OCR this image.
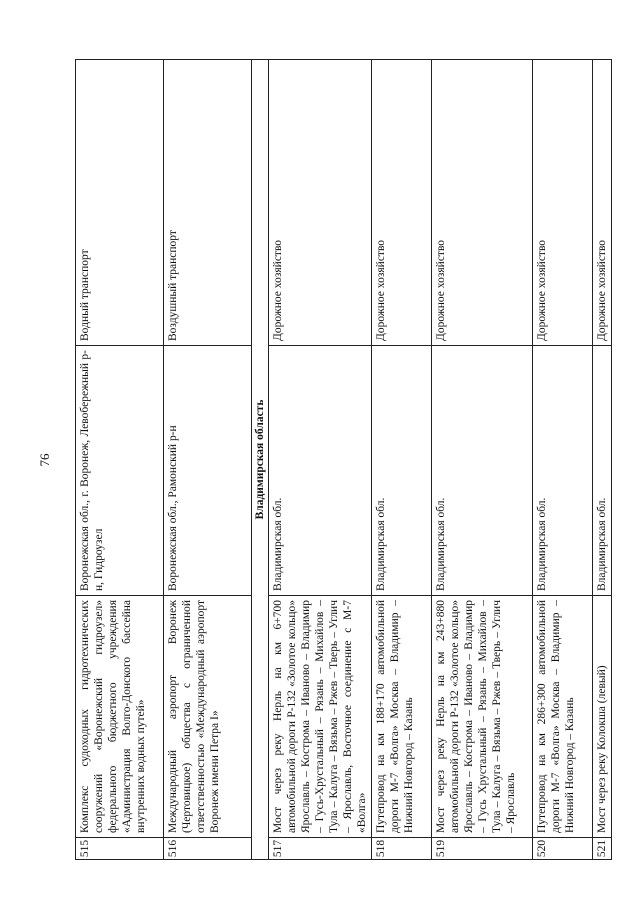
76
515	Комплекс судоходных гидротехнических сооружений «Воронежский гидроузел» федерального бюджетного учреждения «Администрация Волго-Донского бассейна внутренних водных путей»	Воронежская обл., г. Воронеж, Левобережный р-н, Гидроузел	Водный транспорт
516	Международный аэропорт Воронеж (Чертовицкое) общества с ограниченной ответственностью «Международный аэропорт Воронеж имени Петра I»	Воронежская обл., Рамонский р-н	Воздушный транспорт
Владимирская область			
517	Мост через реку Нерль на км 6+700 автомобильной дороги Р-132 «Золотое кольцо» Ярославль – Кострома – Иваново – Владимир – Гусь-Хрустальный – Рязань – Михайлов – Тула – Калуга – Вязьма – Ржев – Тверь – Углич – Ярославль, Восточное соединение с М-7 «Волга»	Владимирская обл.	Дорожное хозяйство
518	Путепровод на км 188+170 автомобильной дороги М-7 «Волга» Москва – Владимир – Нижний Новгород – Казань	Владимирская обл.	Дорожное хозяйство
519	Мост через реку Нерль на км 243+880 автомобильной дороги Р-132 «Золотое кольцо» Ярославль – Кострома – Иваново – Владимир – Гусь Хрустальный – Рязань – Михайлов – Тула – Калуга – Вязьма – Ржев – Тверь – Углич – Ярославль	Владимирская обл.	Дорожное хозяйство
520	Путепровод на км 286+300 автомобильной дороги М-7 «Волга» Москва – Владимир – Нижний Новгород – Казань	Владимирская обл.	Дорожное хозяйство
521	Мост через реку Колокша (левый)	Владимирская обл.	Дорожное хозяйство
